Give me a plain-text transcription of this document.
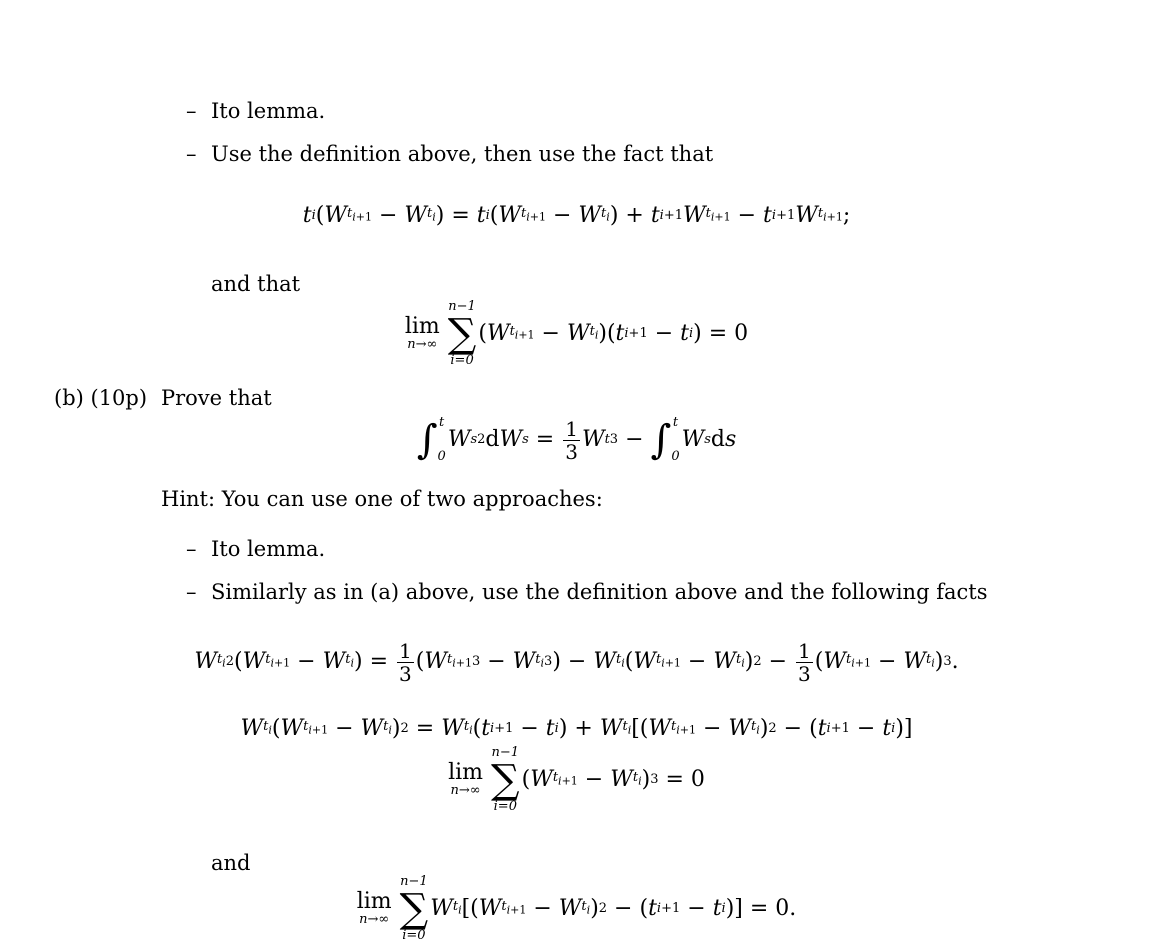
– Ito lemma.
– Use the definition above, then use the fact that
t i ( W $t_{i+1} - W$ $t_i$ ) = t i ( W $t_{i+1} - W$ $t_i$ ) + t i+1 W $t_{i+1} - t$ i+1 W $t_{i+1}$ ;
and that
lim
n→∞
n−1
∑
i=0
( W $t_{i+1} - W$ $t_i$ )( t i+1 − t i ) = 0
(b) (10p) Prove that
∫ t
0
W s 2 d W $s = \frac{1}{3}$ W t 3 − ∫ t
0
W s d s
Hint: You can use one of two approaches:
– Ito lemma.
– Similarly as in (a) above, use the definition above and the following facts
W $t_i$ 2 ( W $t_{i+1} - W$ $t_i$ ) = $\frac{1}{3}$ ( W $t_{i+1}$ 3 − W $t_i$ 3 ) − W $t_i$ ( W $t_{i+1} - W$ $t_i$ ) $2 - \frac{1}{3}$ ( W $t_{i+1} - W$ $t_i$ ) 3 .
W $t_i$ ( W $t_{i+1} - W$ $t_i$ ) 2 = W $t_i$ ( t i+1 − t i ) + W $t_i$ [( W $t_{i+1} - W$ $t_i$ ) 2 − ( t i+1 − t i )]
lim
n→∞
n−1
∑
i=0
( W $t_{i+1} - W$ $t_i$ ) 3 = 0
and
lim
n→∞
n−1
∑
i=0
W $t_i$ [( W $t_{i+1} - W$ $t_i$ ) 2 − ( t i+1 − t i )] = 0.
